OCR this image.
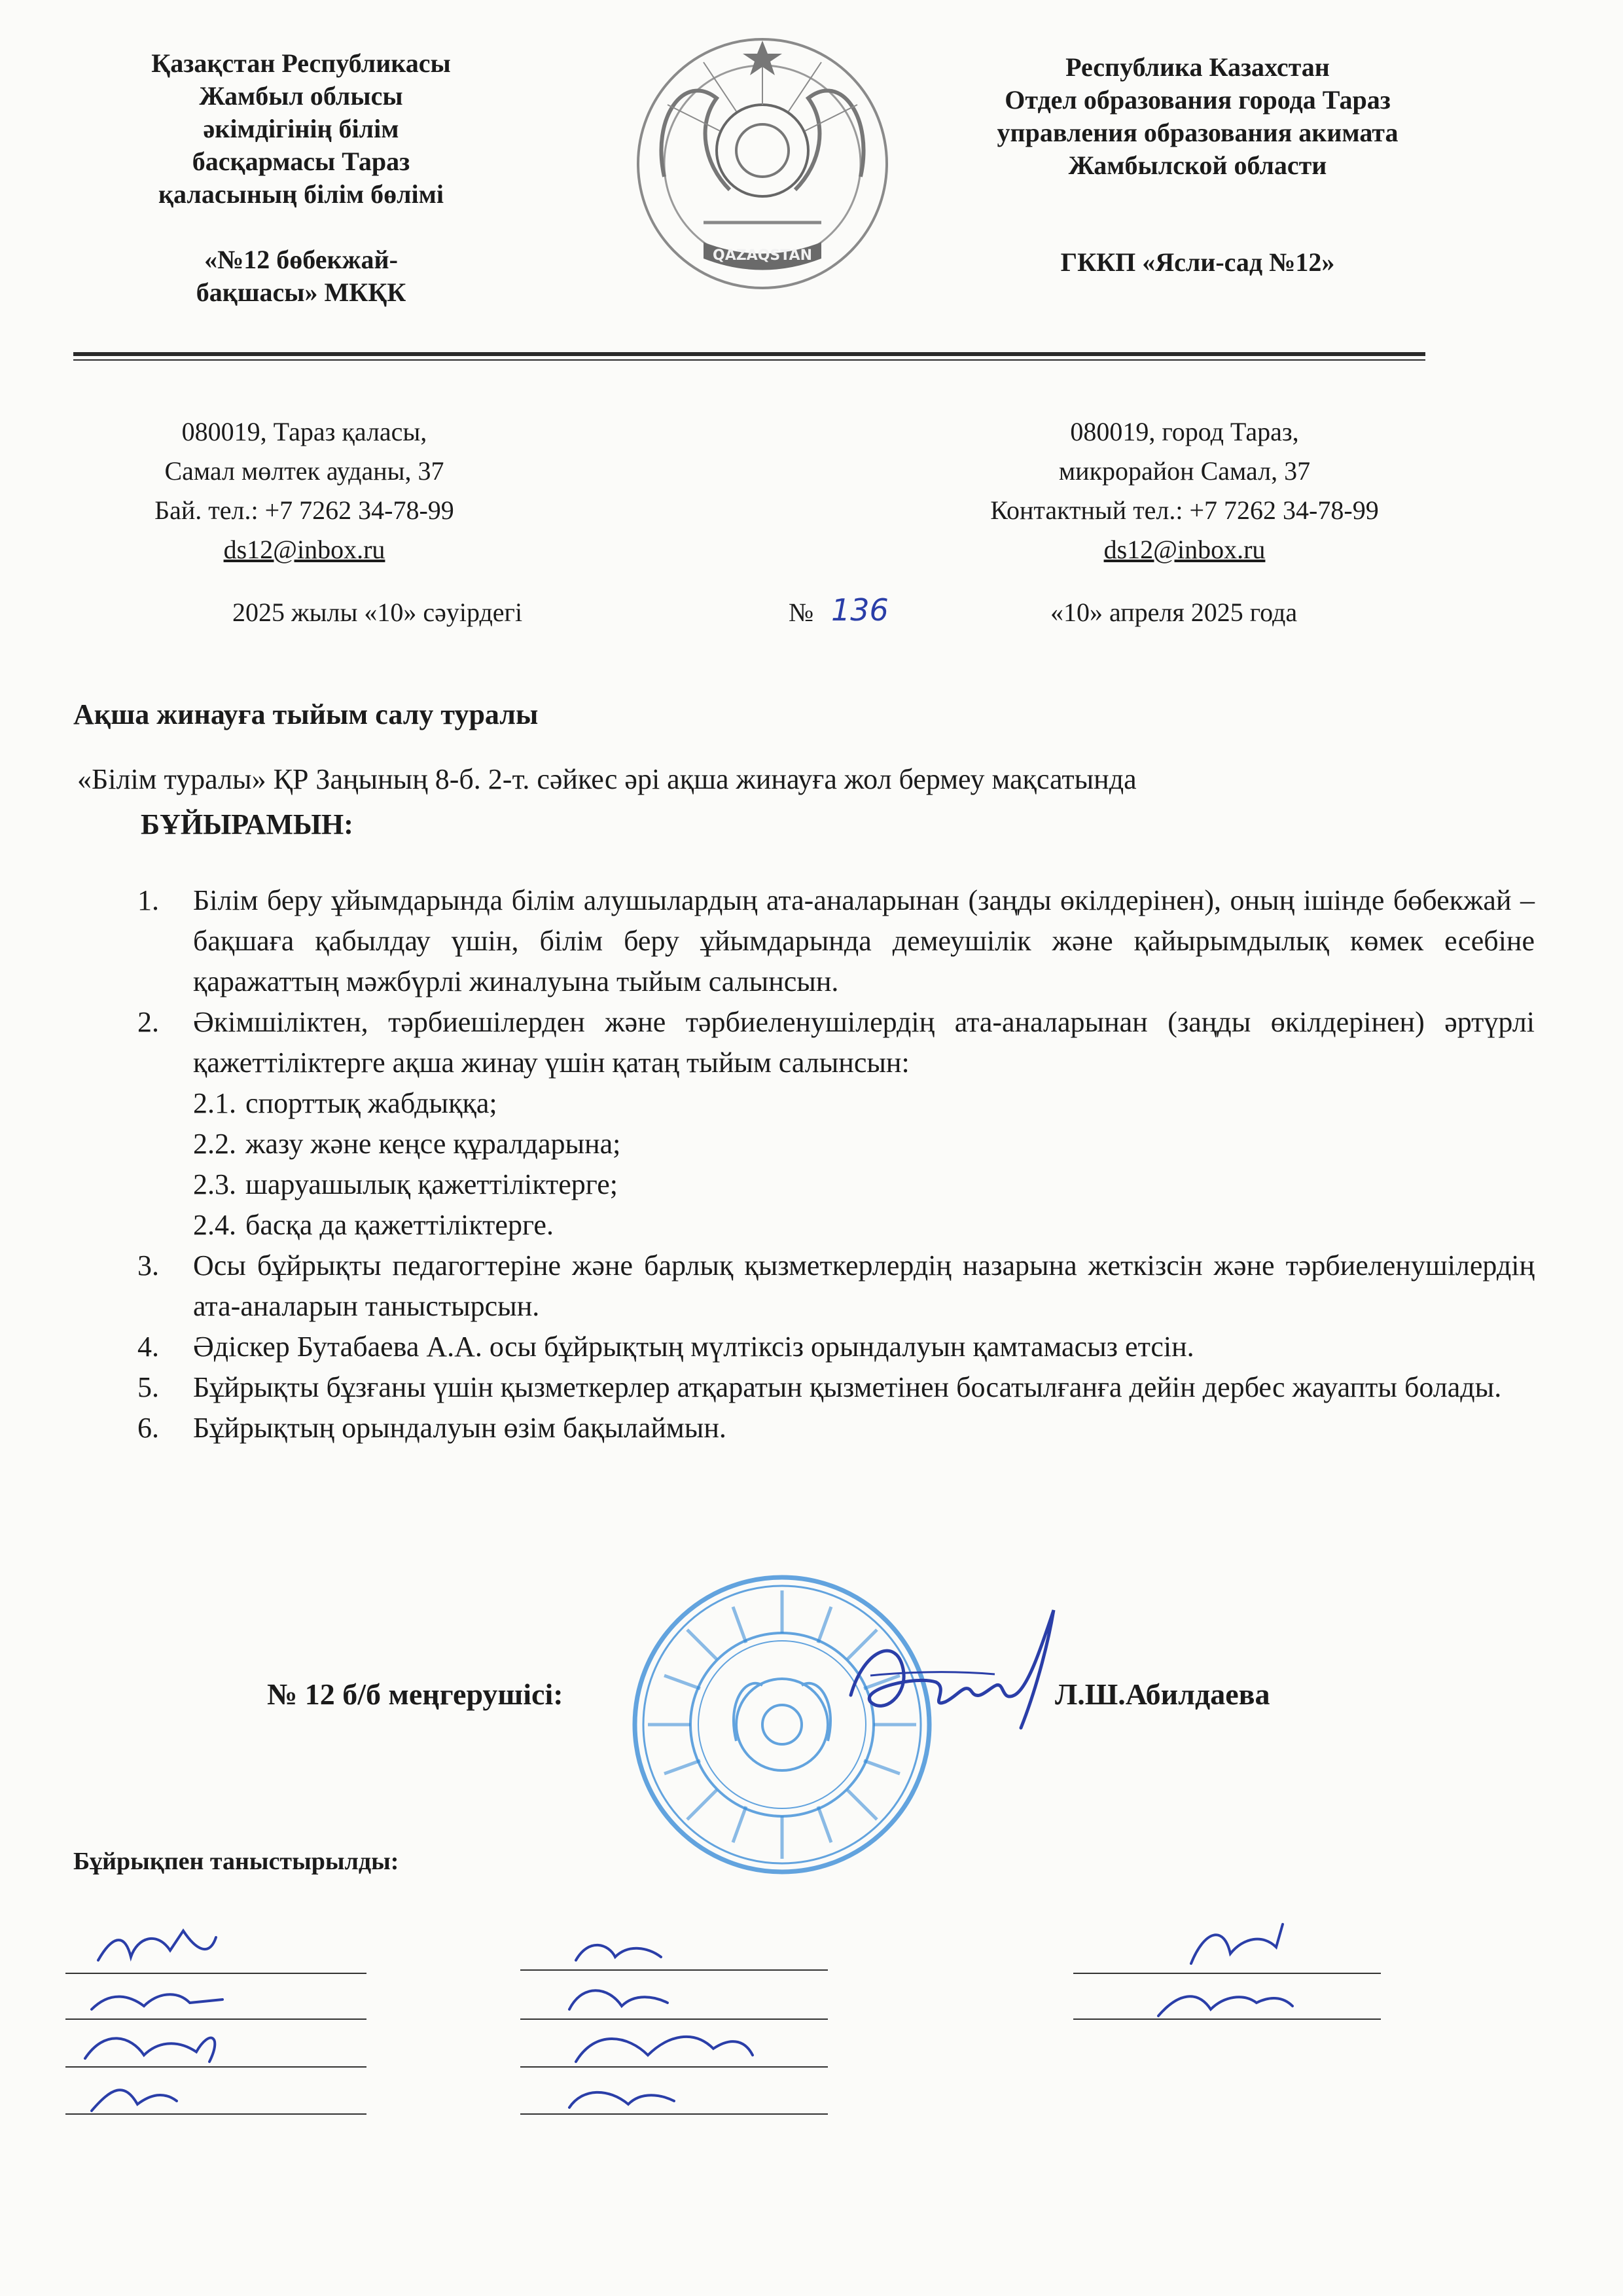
Қазақстан Республикасы
Жамбыл облысы
әкімдігінің білім
басқармасы Тараз
қаласының білім бөлімі
«№12 бөбекжай-
бақшасы» МКҚК
QAZAQSTAN
Республика Казахстан
Отдел образования города Тараз
управления образования акимата
Жамбылской области
ГККП «Ясли-сад №12»
080019, Тараз қаласы,
Самал мөлтек ауданы, 37
Бай. тел.: +7 7262 34-78-99
ds12@inbox.ru
080019, город Тараз,
микрорайон Самал, 37
Контактный тел.: +7 7262 34-78-99
ds12@inbox.ru
2025 жылы «10» сәуірдегі	№ 136	«10» апреля 2025 года
Ақша жинауға тыйым салу туралы
«Білім туралы» ҚР Заңының 8-б. 2-т. сәйкес әрі ақша жинауға жол бермеу мақсатында
БҰЙЫРАМЫН:
1. Білім беру ұйымдарында білім алушылардың ата-аналарынан (заңды өкілдерінен), оның ішінде бөбекжай – бақшаға қабылдау үшін, білім беру ұйымдарында демеушілік және қайырымдылық көмек есебіне қаражаттың мәжбүрлі жиналуына тыйым салынсын.
2. Әкімшіліктен, тәрбиешілерден және тәрбиеленушілердің ата-аналарынан (заңды өкілдерінен) әртүрлі қажеттіліктерге ақша жинау үшін қатаң тыйым салынсын:
2.1. спорттық жабдыққа;
2.2. жазу және кеңсе құралдарына;
2.3. шаруашылық қажеттіліктерге;
2.4. басқа да қажеттіліктерге.
3. Осы бұйрықты педагогтеріне және барлық қызметкерлердің назарына жеткізсін және тәрбиеленушілердің ата-аналарын таныстырсын.
4. Әдіскер Бутабаева А.А. осы бұйрықтың мүлтіксіз орындалуын қамтамасыз етсін.
5. Бұйрықты бұзғаны үшін қызметкерлер атқаратын қызметінен босатылғанға дейін дербес жауапты болады.
6. Бұйрықтың орындалуын өзім бақылаймын.
№ 12 б/б меңгерушісі:	Л.Ш.Абилдаева
Бұйрықпен таныстырылды:
